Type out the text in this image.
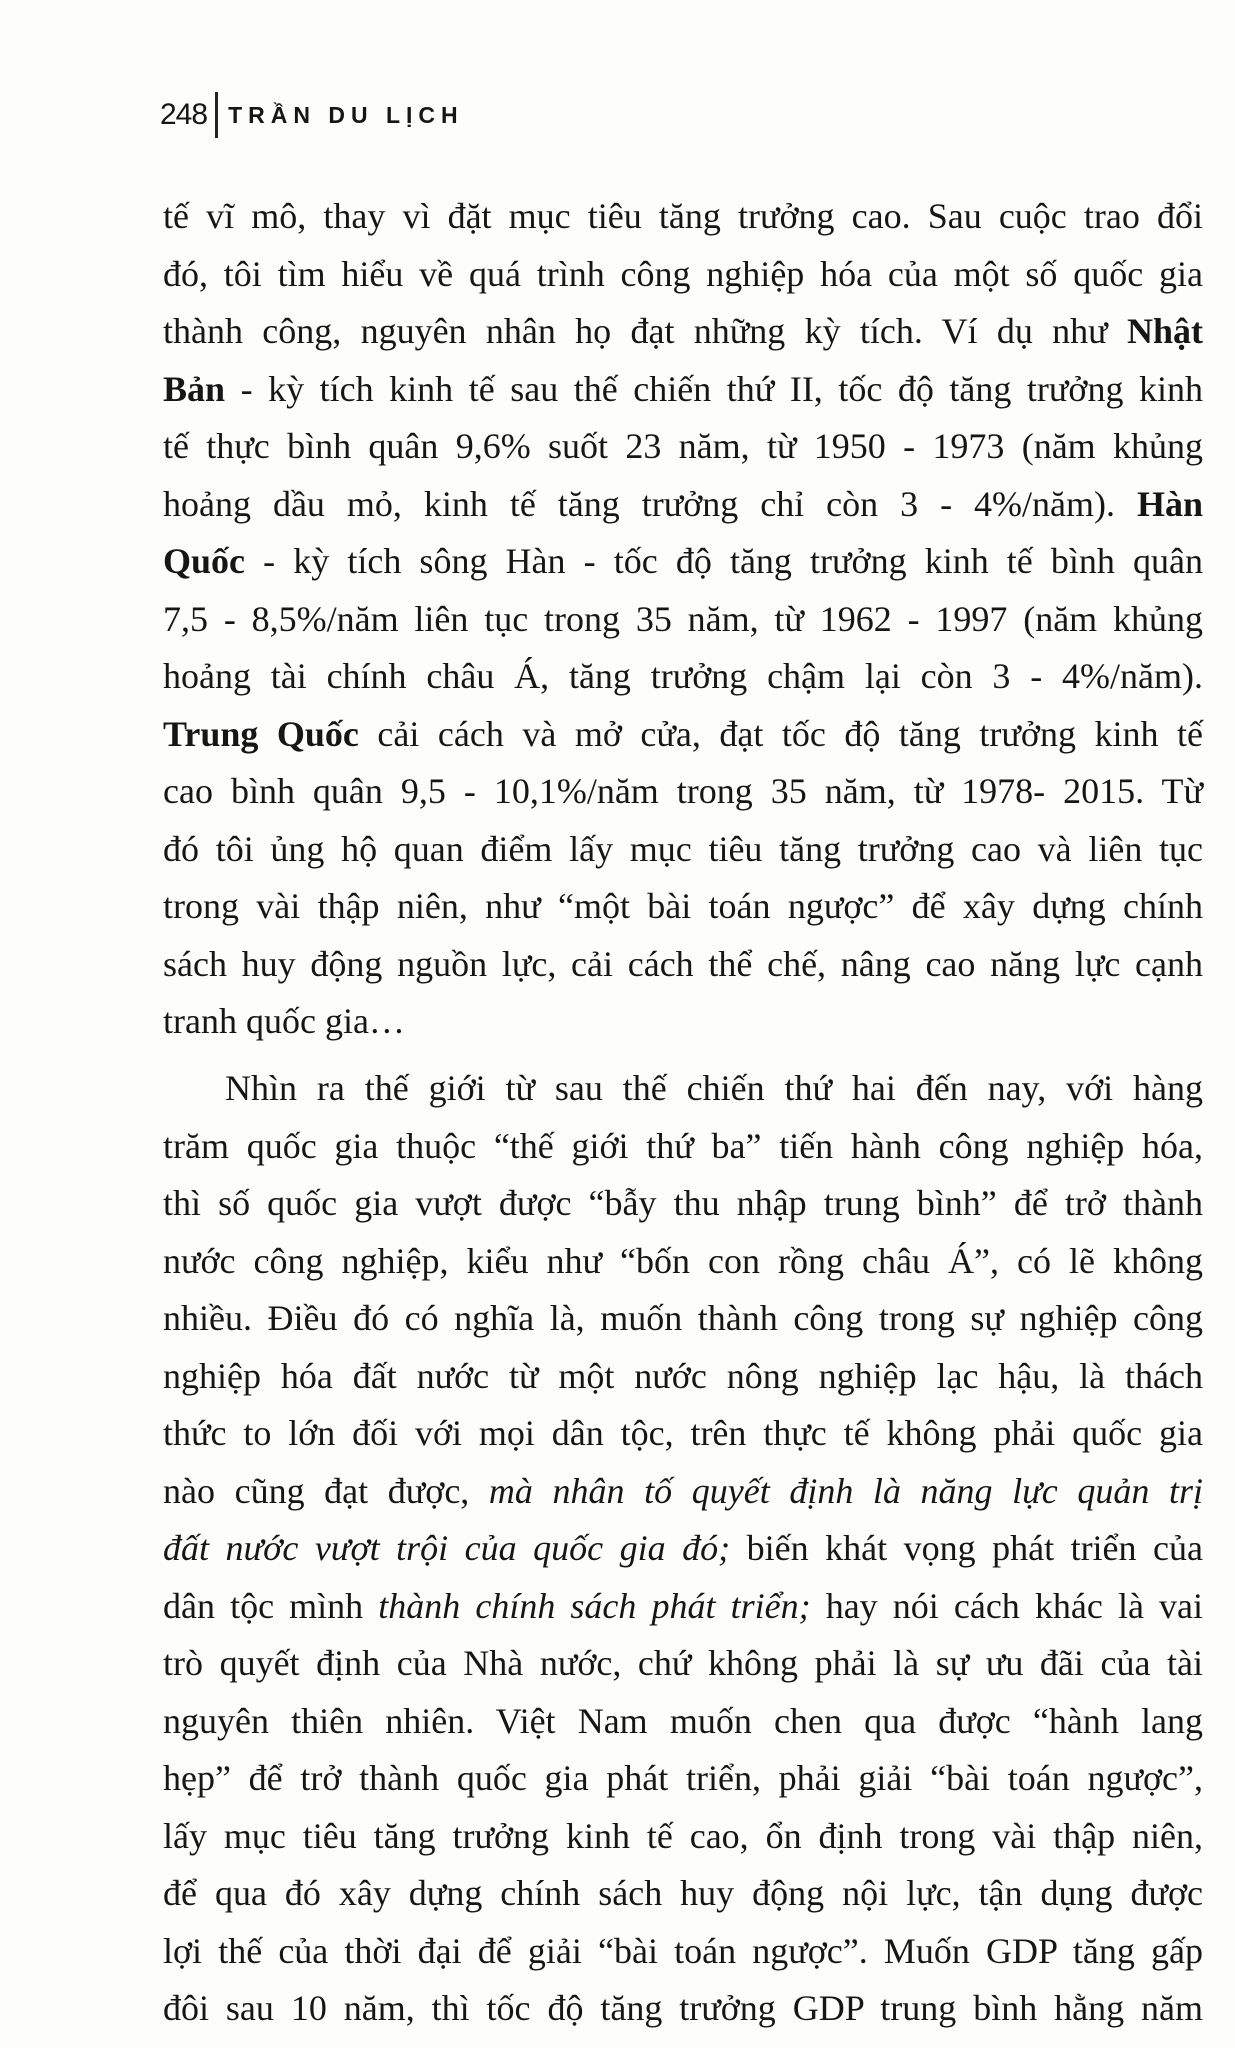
248 TRẦN DU LỊCH
tế vĩ mô, thay vì đặt mục tiêu tăng trưởng cao. Sau cuộc trao đổi
đó, tôi tìm hiểu về quá trình công nghiệp hóa của một số quốc gia
thành công, nguyên nhân họ đạt những kỳ tích. Ví dụ như Nhật
Bản - kỳ tích kinh tế sau thế chiến thứ II, tốc độ tăng trưởng kinh
tế thực bình quân 9,6% suốt 23 năm, từ 1950 - 1973 (năm khủng
hoảng dầu mỏ, kinh tế tăng trưởng chỉ còn 3 - 4%/năm). Hàn
Quốc - kỳ tích sông Hàn - tốc độ tăng trưởng kinh tế bình quân
7,5 - 8,5%/năm liên tục trong 35 năm, từ 1962 - 1997 (năm khủng
hoảng tài chính châu Á, tăng trưởng chậm lại còn 3 - 4%/năm).
Trung Quốc cải cách và mở cửa, đạt tốc độ tăng trưởng kinh tế
cao bình quân 9,5 - 10,1%/năm trong 35 năm, từ 1978- 2015. Từ
đó tôi ủng hộ quan điểm lấy mục tiêu tăng trưởng cao và liên tục
trong vài thập niên, như “một bài toán ngược” để xây dựng chính
sách huy động nguồn lực, cải cách thể chế, nâng cao năng lực cạnh
tranh quốc gia…
Nhìn ra thế giới từ sau thế chiến thứ hai đến nay, với hàng
trăm quốc gia thuộc “thế giới thứ ba” tiến hành công nghiệp hóa,
thì số quốc gia vượt được “bẫy thu nhập trung bình” để trở thành
nước công nghiệp, kiểu như “bốn con rồng châu Á”, có lẽ không
nhiều. Điều đó có nghĩa là, muốn thành công trong sự nghiệp công
nghiệp hóa đất nước từ một nước nông nghiệp lạc hậu, là thách
thức to lớn đối với mọi dân tộc, trên thực tế không phải quốc gia
nào cũng đạt được, mà nhân tố quyết định là năng lực quản trị
đất nước vượt trội của quốc gia đó; biến khát vọng phát triển của
dân tộc mình thành chính sách phát triển; hay nói cách khác là vai
trò quyết định của Nhà nước, chứ không phải là sự ưu đãi của tài
nguyên thiên nhiên. Việt Nam muốn chen qua được “hành lang
hẹp” để trở thành quốc gia phát triển, phải giải “bài toán ngược”,
lấy mục tiêu tăng trưởng kinh tế cao, ổn định trong vài thập niên,
để qua đó xây dựng chính sách huy động nội lực, tận dụng được
lợi thế của thời đại để giải “bài toán ngược”. Muốn GDP tăng gấp
đôi sau 10 năm, thì tốc độ tăng trưởng GDP trung bình hằng năm
